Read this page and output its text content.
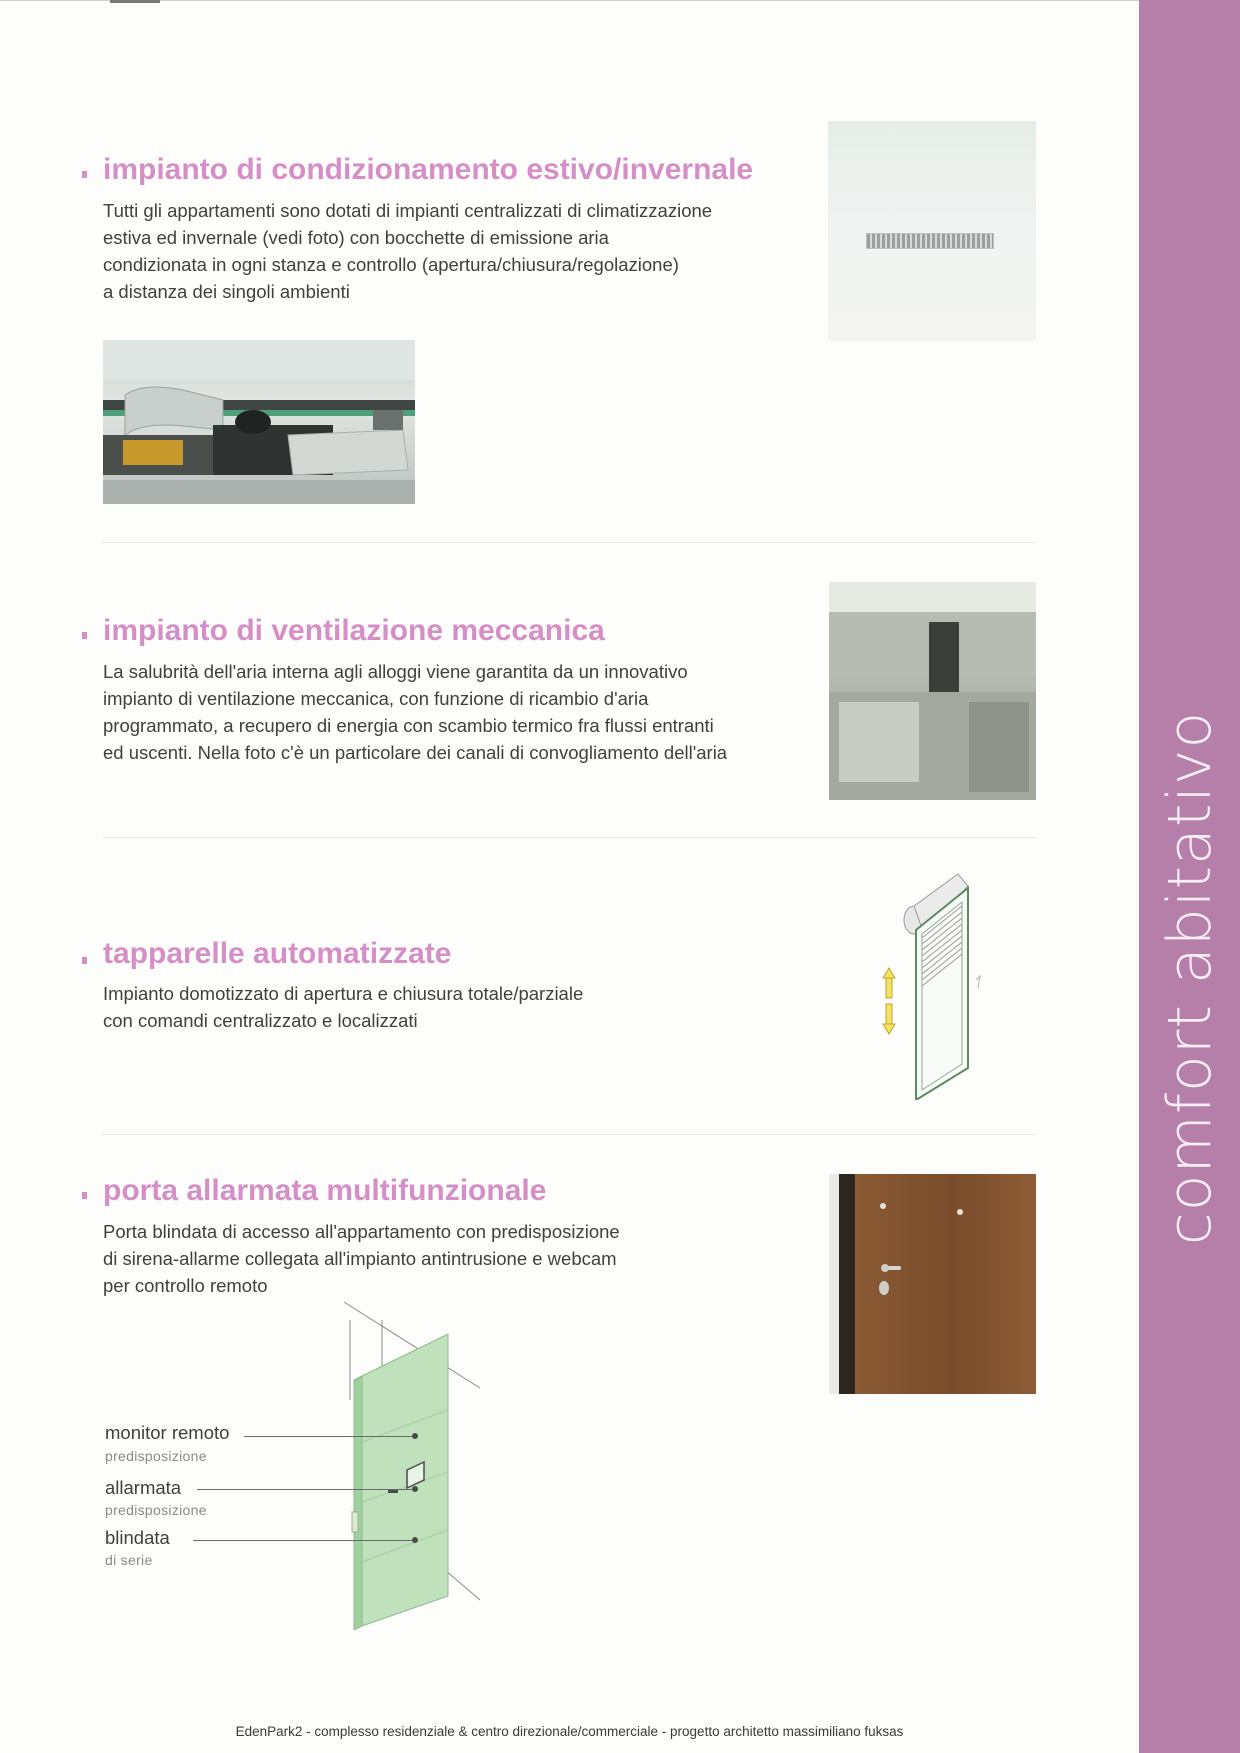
comfort abitativo
impianto di condizionamento estivo/invernale
Tutti gli appartamenti sono dotati di impianti centralizzati di climatizzazione
estiva ed invernale (vedi foto) con bocchette di emissione aria
condizionata in ogni stanza e controllo (apertura/chiusura/regolazione)
a distanza dei singoli ambienti
impianto di ventilazione meccanica
La salubrità dell'aria interna agli alloggi viene garantita da un innovativo
impianto di ventilazione meccanica, con funzione di ricambio d'aria
programmato, a recupero di energia con scambio termico fra flussi entranti
ed uscenti. Nella foto c'è un particolare dei canali di convogliamento dell'aria
tapparelle automatizzate
Impianto domotizzato di apertura e chiusura totale/parziale
con comandi centralizzato e localizzati
porta allarmata multifunzionale
Porta blindata di accesso all'appartamento con predisposizione
di sirena-allarme collegata all'impianto antintrusione e webcam
per controllo remoto
monitor remoto
predisposizione
allarmata
predisposizione
blindata
di serie
EdenPark2 - complesso residenziale & centro direzionale/commerciale - progetto architetto massimiliano fuksas
